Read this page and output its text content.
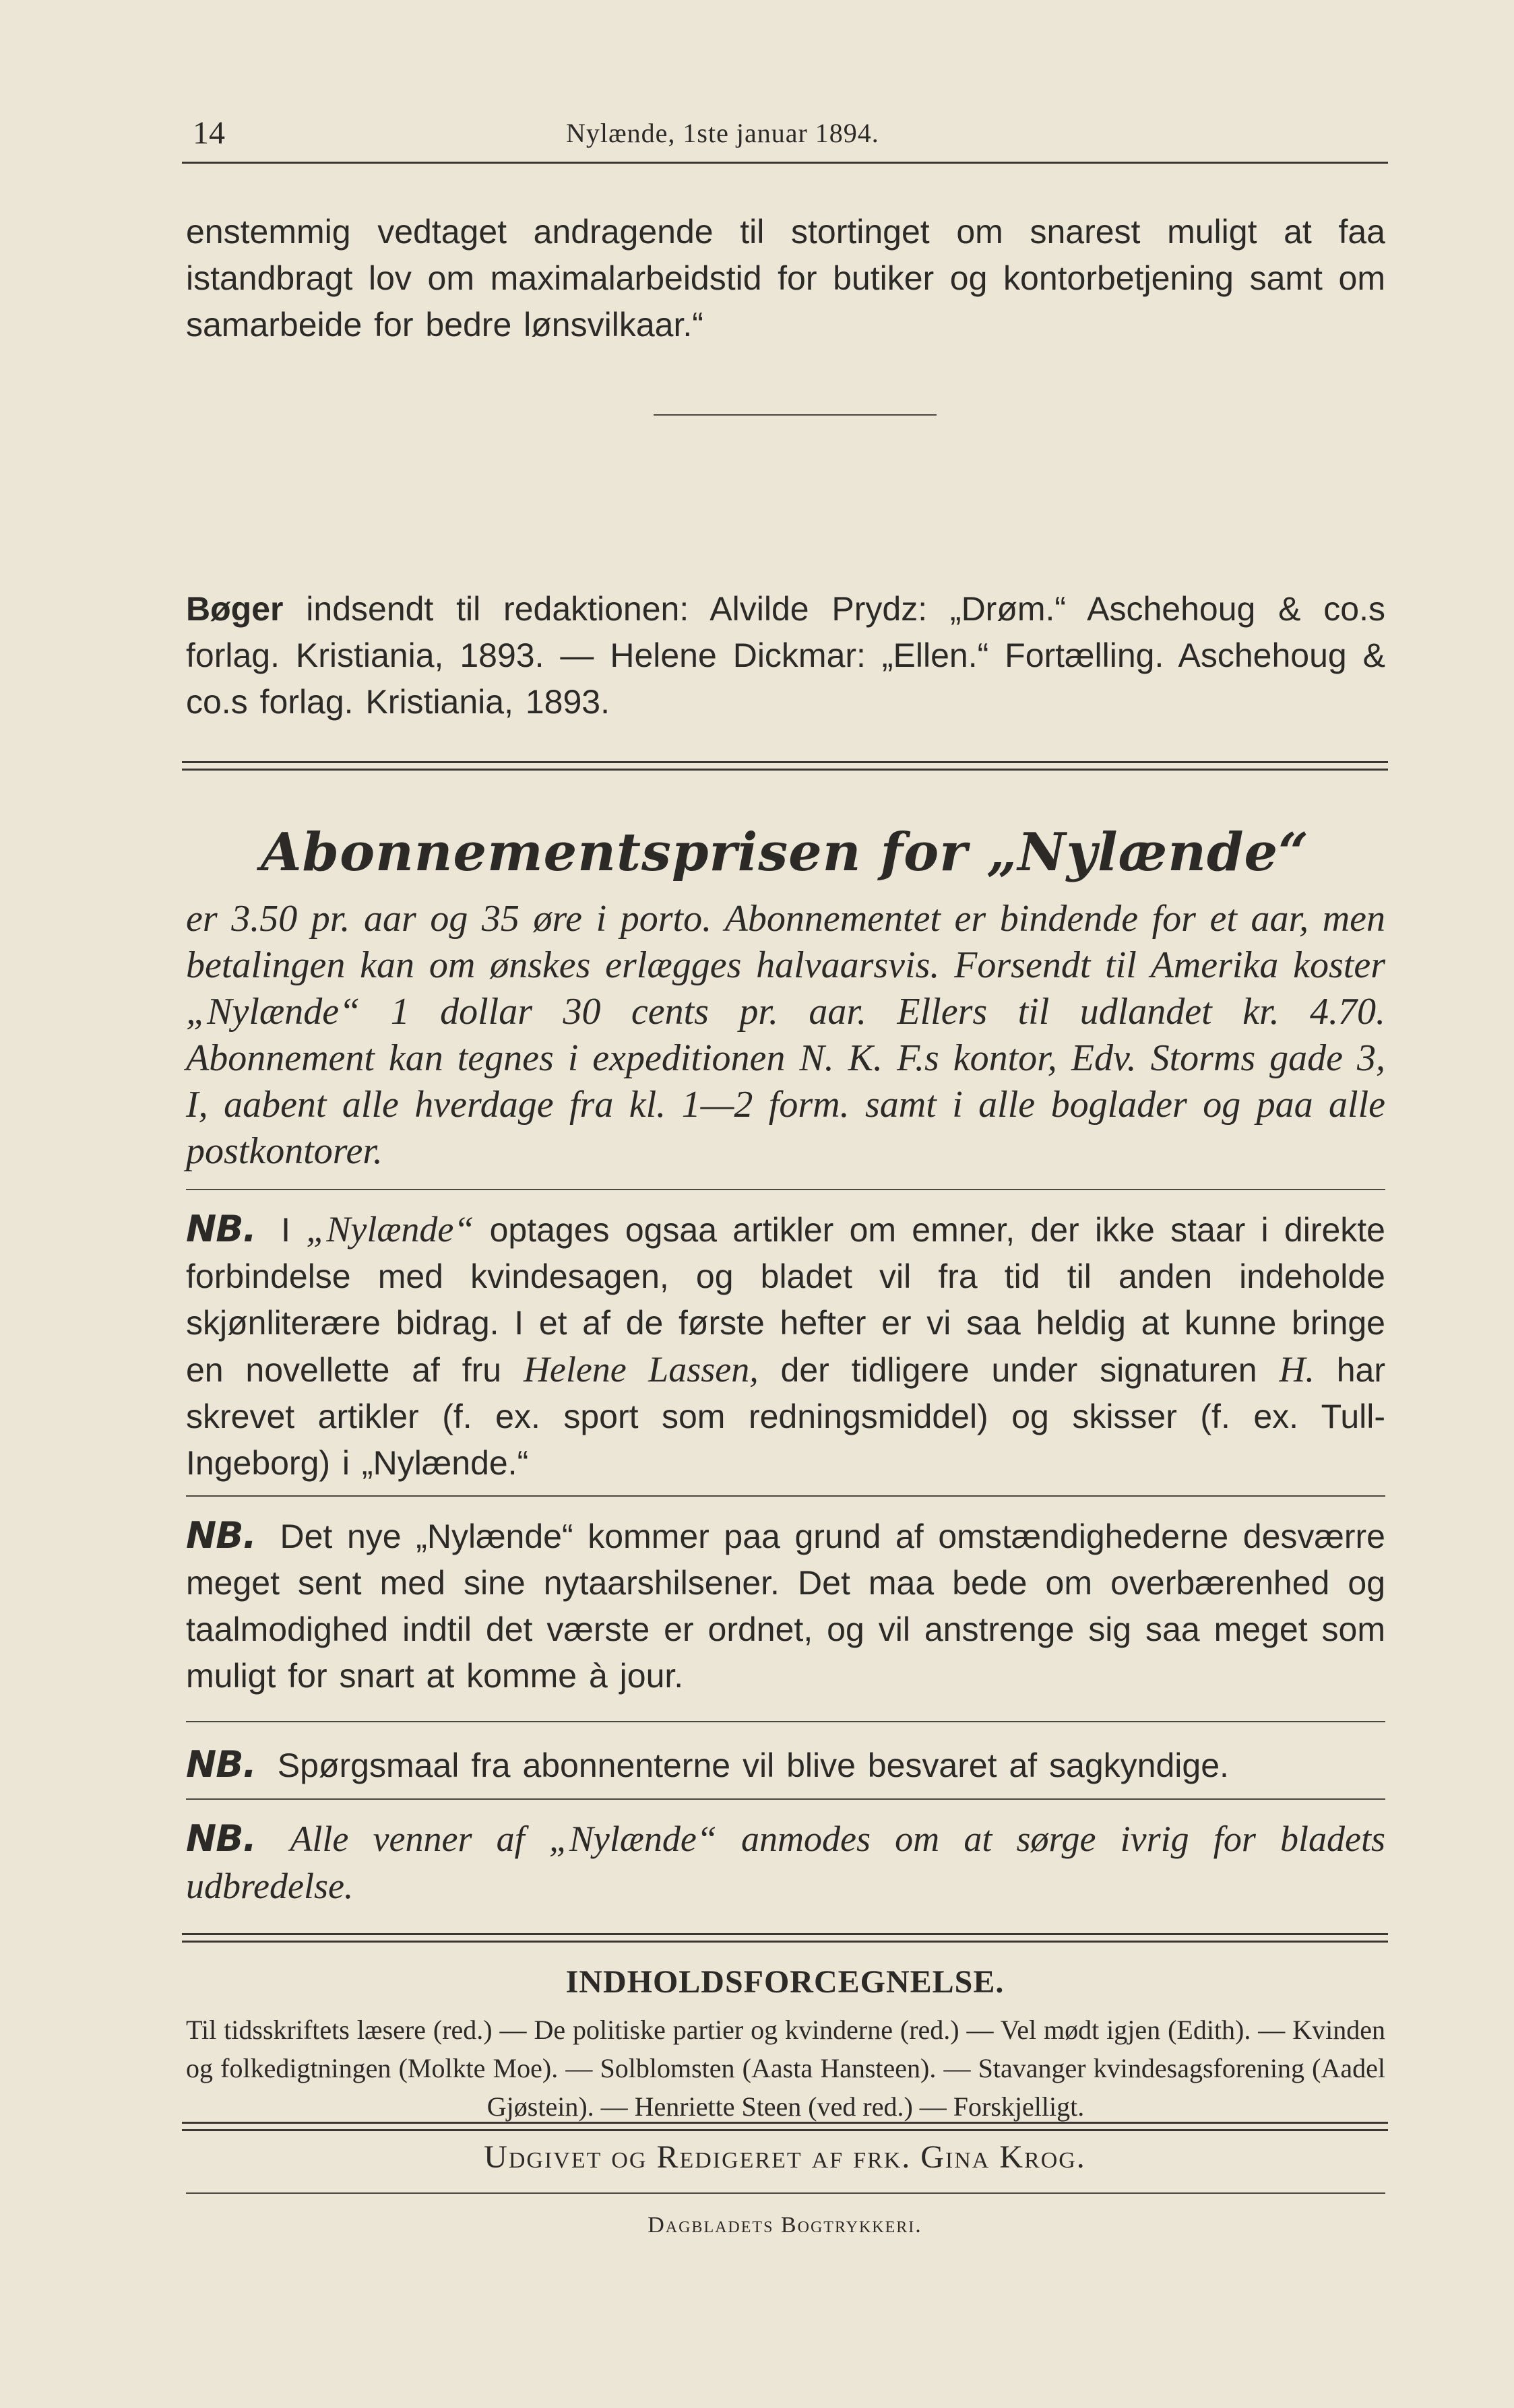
14	Nylænde, 1ste januar 1894.
enstemmig vedtaget andragende til stortinget om snarest muligt at faa istandbragt lov om maximalarbeidstid for butiker og kontorbetjening samt om samarbeide for bedre lønsvilkaar.“
Bøger indsendt til redaktionen: Alvilde Prydz: „Drøm.“ Aschehoug & co.s forlag. Kristiania, 1893. — Helene Dickmar: „Ellen.“ Fortælling. Aschehoug & co.s forlag. Kristiania, 1893.
Abonnementsprisen for „Nylænde“
er 3.50 pr. aar og 35 øre i porto. Abonnementet er bindende for et aar, men betalingen kan om ønskes erlægges halvaarsvis. Forsendt til Amerika koster „Nylænde“ 1 dollar 30 cents pr. aar. Ellers til udlandet kr. 4.70. Abonnement kan tegnes i expeditionen N. K. F.s kontor, Edv. Storms gade 3, I, aabent alle hverdage fra kl. 1—2 form. samt i alle boglader og paa alle postkontorer.
NB. I „Nylænde“ optages ogsaa artikler om emner, der ikke staar i direkte forbindelse med kvindesagen, og bladet vil fra tid til anden indeholde skjønliterære bidrag. I et af de første hefter er vi saa heldig at kunne bringe en novellette af fru Helene Lassen, der tidligere under signaturen H. har skrevet artikler (f. ex. sport som redningsmiddel) og skisser (f. ex. Tull-Ingeborg) i „Nylænde.“
NB. Det nye „Nylænde“ kommer paa grund af omstændighederne desværre meget sent med sine nytaarshilsener. Det maa bede om overbærenhed og taalmodighed indtil det værste er ordnet, og vil anstrenge sig saa meget som muligt for snart at komme à jour.
NB. Spørgsmaal fra abonnenterne vil blive besvaret af sagkyndige.
NB. Alle venner af „Nylænde“ anmodes om at sørge ivrig for bladets udbredelse.
INDHOLDSFORCEGNELSE.
Til tidsskriftets læsere (red.) — De politiske partier og kvinderne (red.) — Vel mødt igjen (Edith). — Kvinden og folkedigtningen (Molkte Moe). — Solblomsten (Aasta Hansteen). — Stavanger kvindesagsforening (Aadel Gjøstein). — Henriette Steen (ved red.) — Forskjelligt.
Udgivet og Redigeret af frk. Gina Krog.
Dagbladets Bogtrykkeri.
